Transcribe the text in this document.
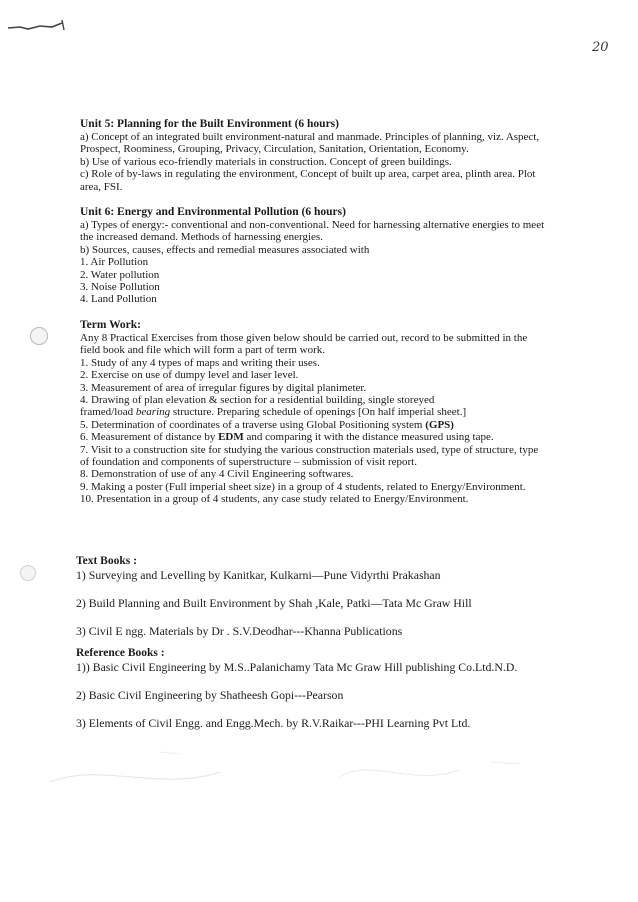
20

Unit 5: Planning for the Built Environment (6 hours)

a) Concept of an integrated built environment-natural and manmade. Principles of planning, viz. Aspect,
Prospect, Roominess, Grouping, Privacy, Circulation, Sanitation, Orientation, Economy.
b) Use of various eco-friendly materials in construction. Concept of green buildings.
c) Role of by-laws in regulating the environment, Concept of built up area, carpet area, plinth area. Plot
area, FSI.

Unit 6: Energy and Environmental Pollution (6 hours)

a) Types of energy:- conventional and non-conventional. Need for harnessing alternative energies to meet
the increased demand. Methods of harnessing energies.
b) Sources, causes, effects and remedial measures associated with
1. Air Pollution
2. Water pollution
3. Noise Pollution
4. Land Pollution

Term Work:

Any 8 Practical Exercises from those given below should be carried out, record to be submitted in the
field book and file which will form a part of term work.
1. Study of any 4 types of maps and writing their uses.
2. Exercise on use of dumpy level and laser level.
3. Measurement of area of irregular figures by digital planimeter.
4. Drawing of plan elevation & section for a residential building, single storeyed
framed/load bearing structure. Preparing schedule of openings [On half imperial sheet.]
5. Determination of coordinates of a traverse using Global Positioning system (GPS)
6. Measurement of distance by EDM and comparing it with the distance measured using tape.
7. Visit to a construction site for studying the various construction materials used, type of structure, type
of foundation and components of superstructure – submission of visit report.
8. Demonstration of use of any 4 Civil Engineering softwares.
9. Making a poster (Full imperial sheet size) in a group of 4 students, related to Energy/Environment.
10. Presentation in a group of 4 students, any case study related to Energy/Environment.
Text Books :
1) Surveying and Levelling by Kanitkar, Kulkarni—Pune Vidyrthi Prakashan
2) Build Planning and Built Environment by Shah ,Kale, Patki—Tata Mc Graw Hill
3) Civil E ngg. Materials by Dr . S.V.Deodhar---Khanna Publications
Reference Books :
1)) Basic Civil Engineering by M.S..Palanichamy Tata Mc Graw Hill publishing Co.Ltd.N.D.
2) Basic Civil Engineering by Shatheesh Gopi---Pearson
3) Elements of Civil Engg. and Engg.Mech. by R.V.Raikar---PHI Learning Pvt Ltd.
